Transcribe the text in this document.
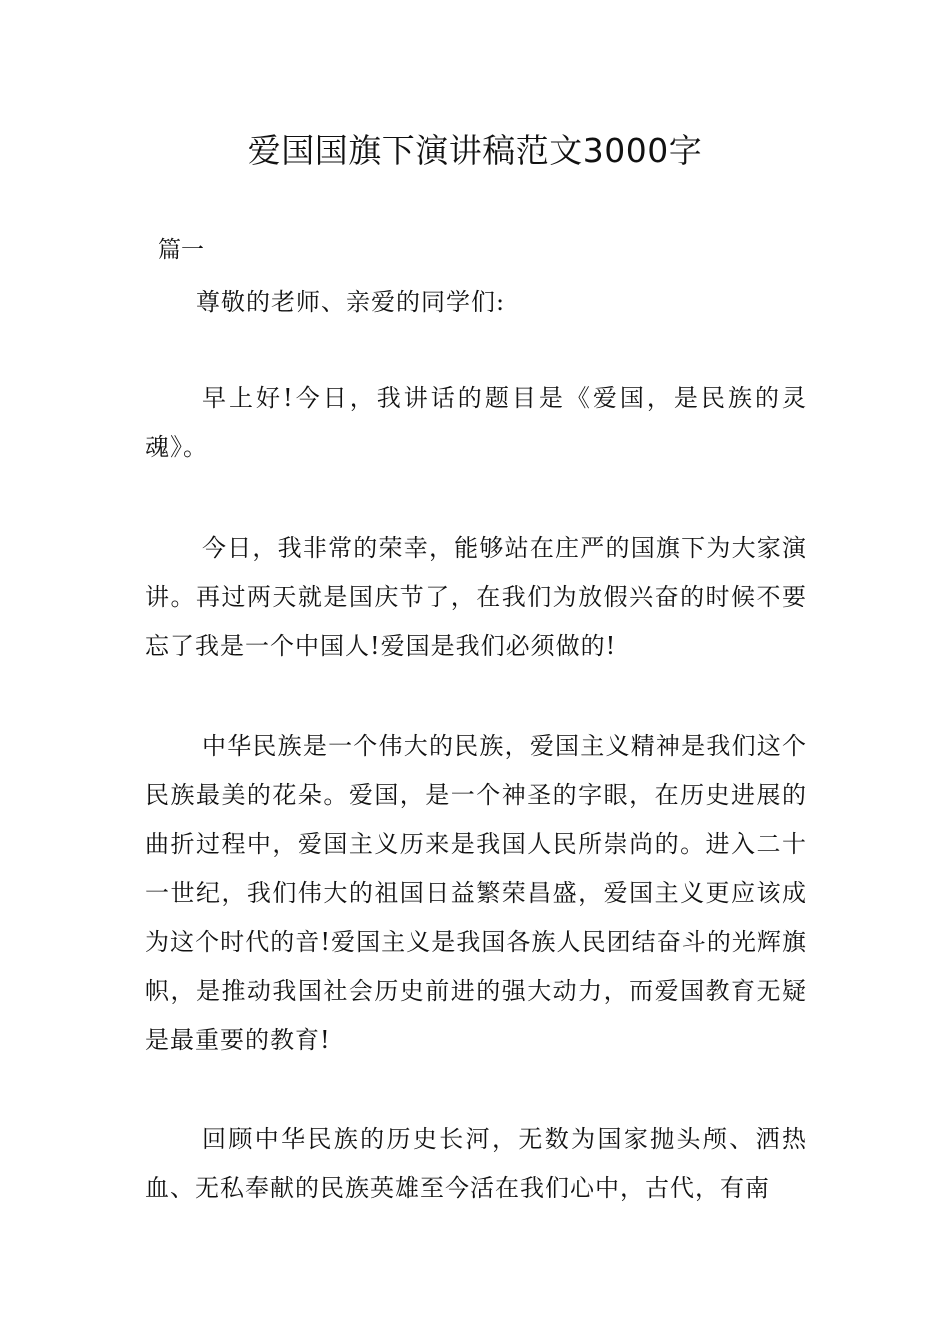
爱国国旗下演讲稿范文3000字

篇一

尊敬的老师、亲爱的同学们:

早上好!今日，我讲话的题目是《爱国，是民族的灵魂》。

今日，我非常的荣幸，能够站在庄严的国旗下为大家演讲。再过两天就是国庆节了，在我们为放假兴奋的时候不要忘了我是一个中国人!爱国是我们必须做的!

中华民族是一个伟大的民族，爱国主义精神是我们这个民族最美的花朵。爱国，是一个神圣的字眼，在历史进展的曲折过程中，爱国主义历来是我国人民所崇尚的。进入二十一世纪，我们伟大的祖国日益繁荣昌盛，爱国主义更应该成为这个时代的音!爱国主义是我国各族人民团结奋斗的光辉旗帜，是推动我国社会历史前进的强大动力，而爱国教育无疑是最重要的教育!

回顾中华民族的历史长河，无数为国家抛头颅、洒热血、无私奉献的民族英雄至今活在我们心中，古代，有南
